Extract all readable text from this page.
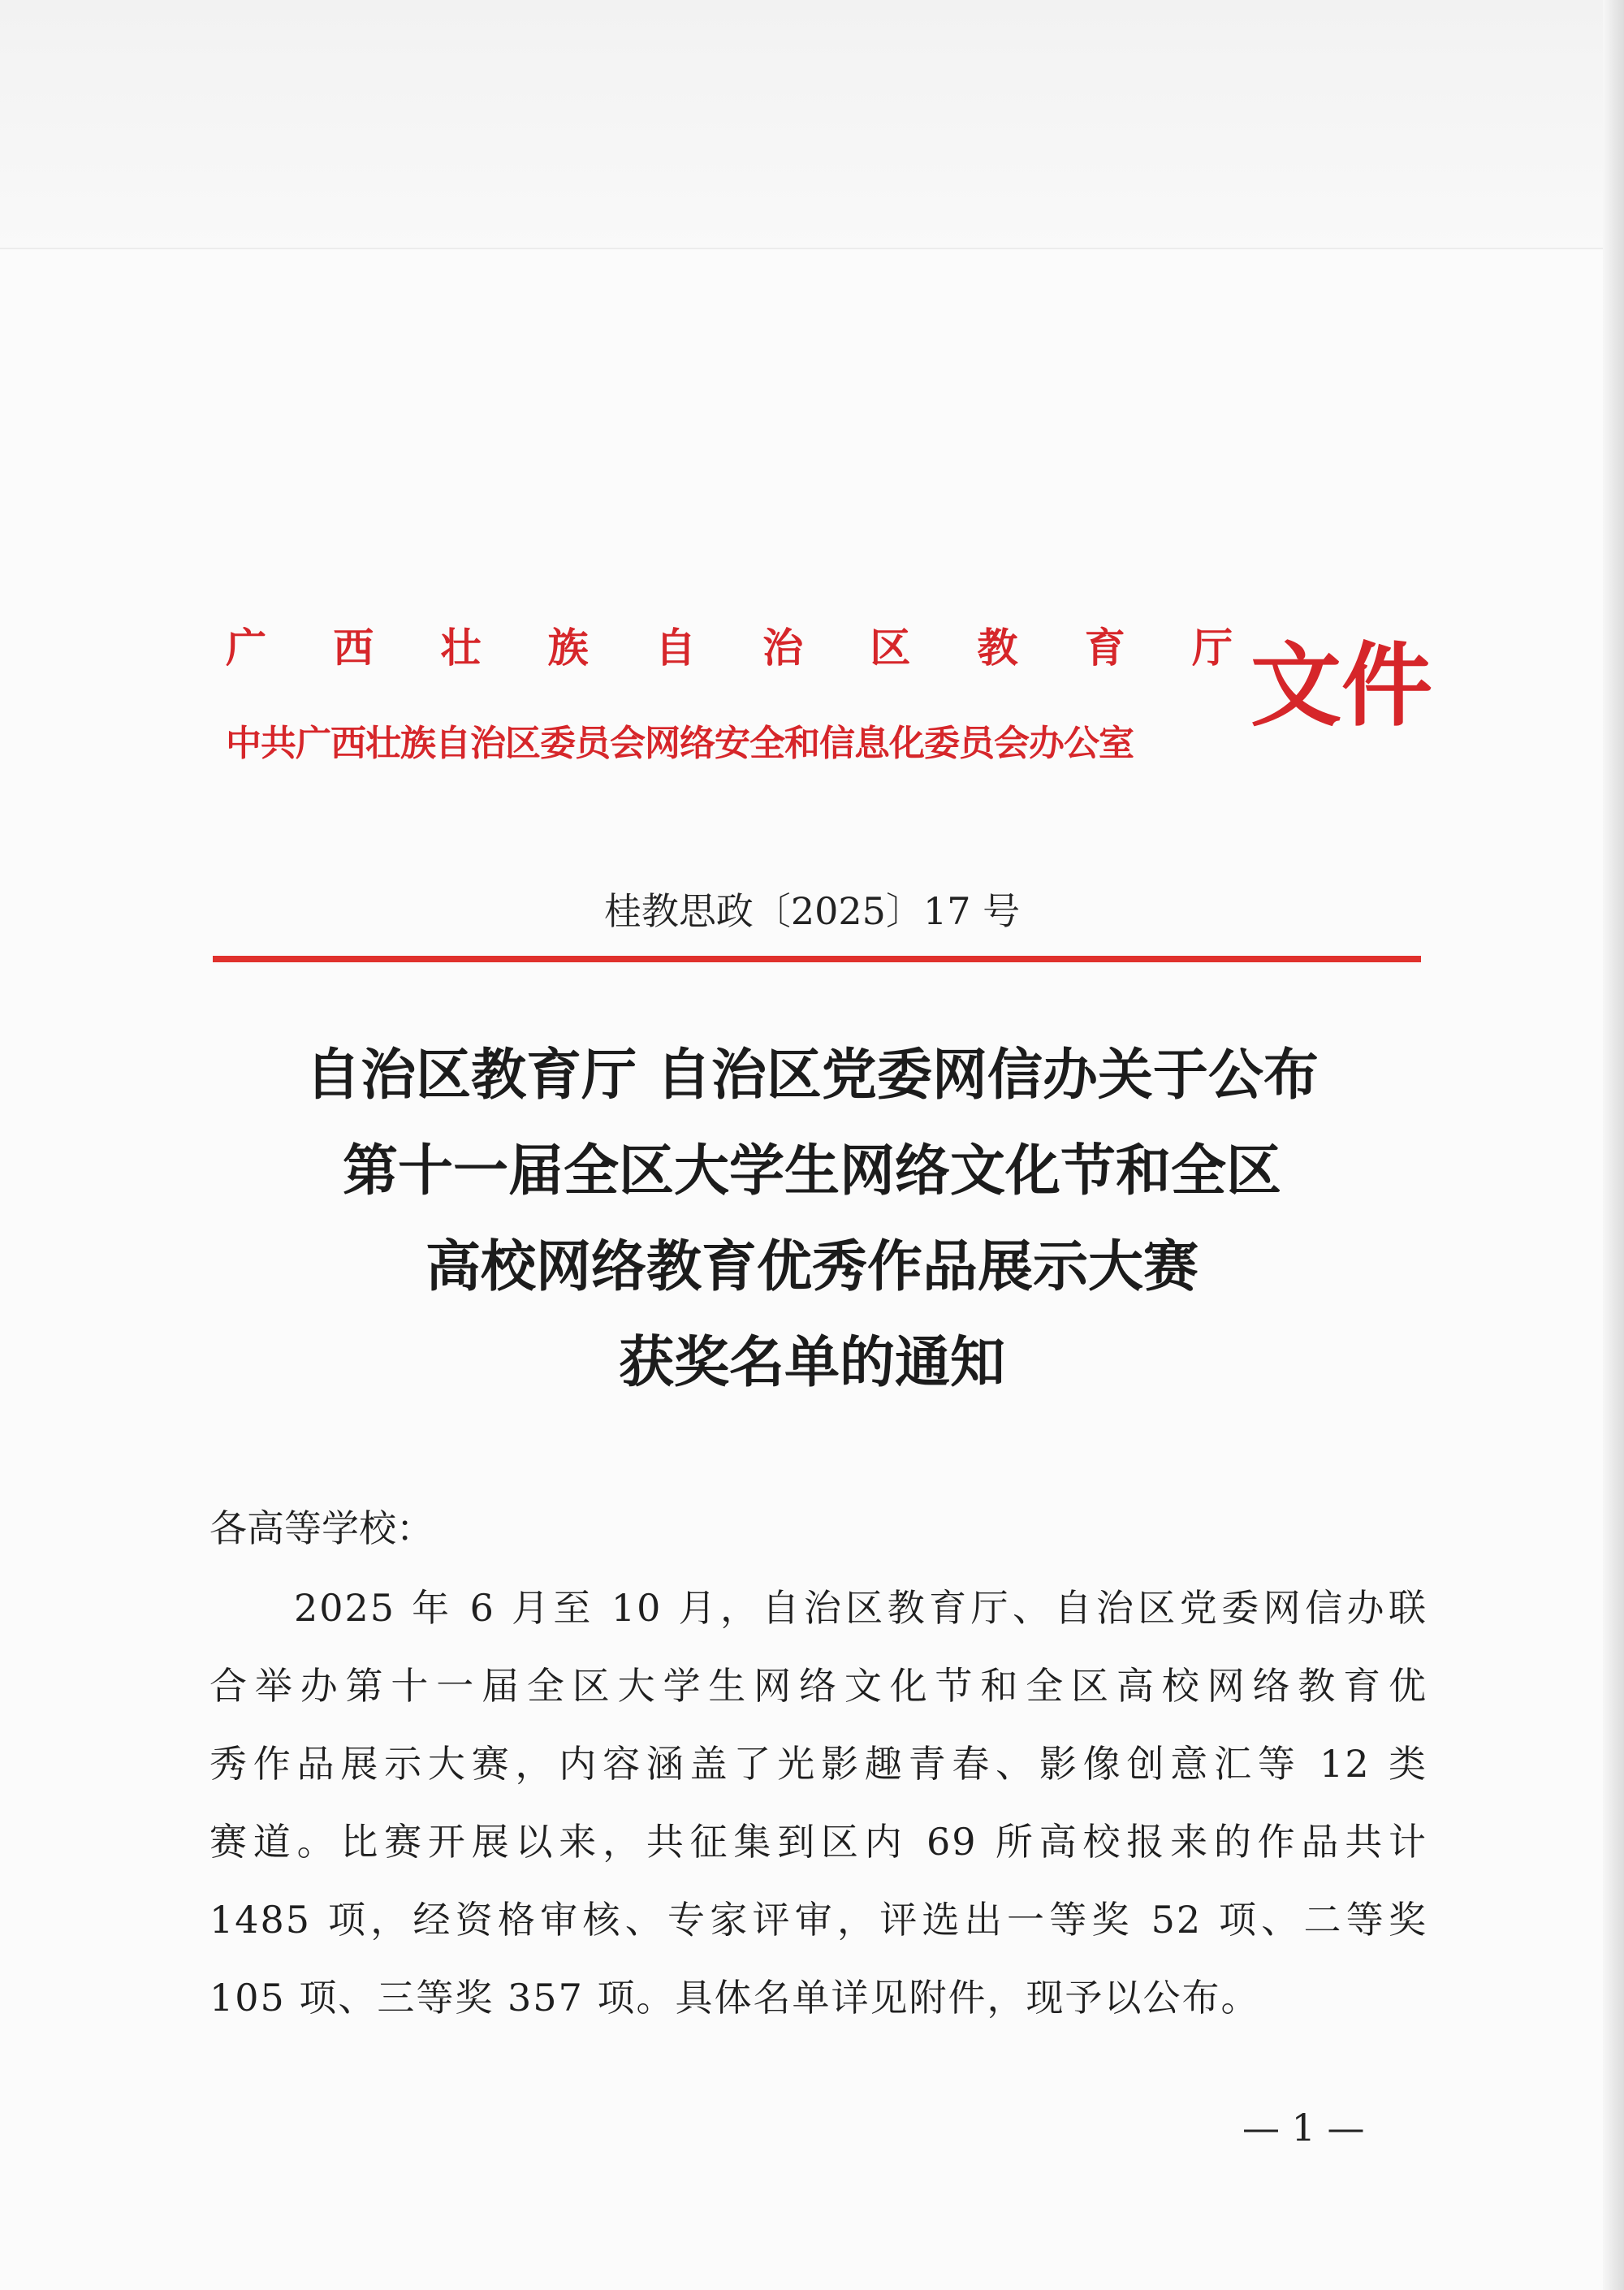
广 西 壮 族 自 治 区 教 育 厅
中共广西壮族自治区委员会网络安全和信息化委员会办公室
文件
桂教思政〔2025〕17 号
自治区教育厅 自治区党委网信办关于公布
第十一届全区大学生网络文化节和全区
高校网络教育优秀作品展示大赛
获奖名单的通知
各高等学校：
2025 年 6 月至 10 月，自治区教育厅、自治区党委网信办联
合举办第十一届全区大学生网络文化节和全区高校网络教育优
秀作品展示大赛，内容涵盖了光影趣青春、影像创意汇等 12 类
赛道。比赛开展以来，共征集到区内 69 所高校报来的作品共计
1485 项，经资格审核、专家评审，评选出一等奖 52 项、二等奖
105 项、三等奖 357 项。具体名单详见附件，现予以公布。
— 1 —
